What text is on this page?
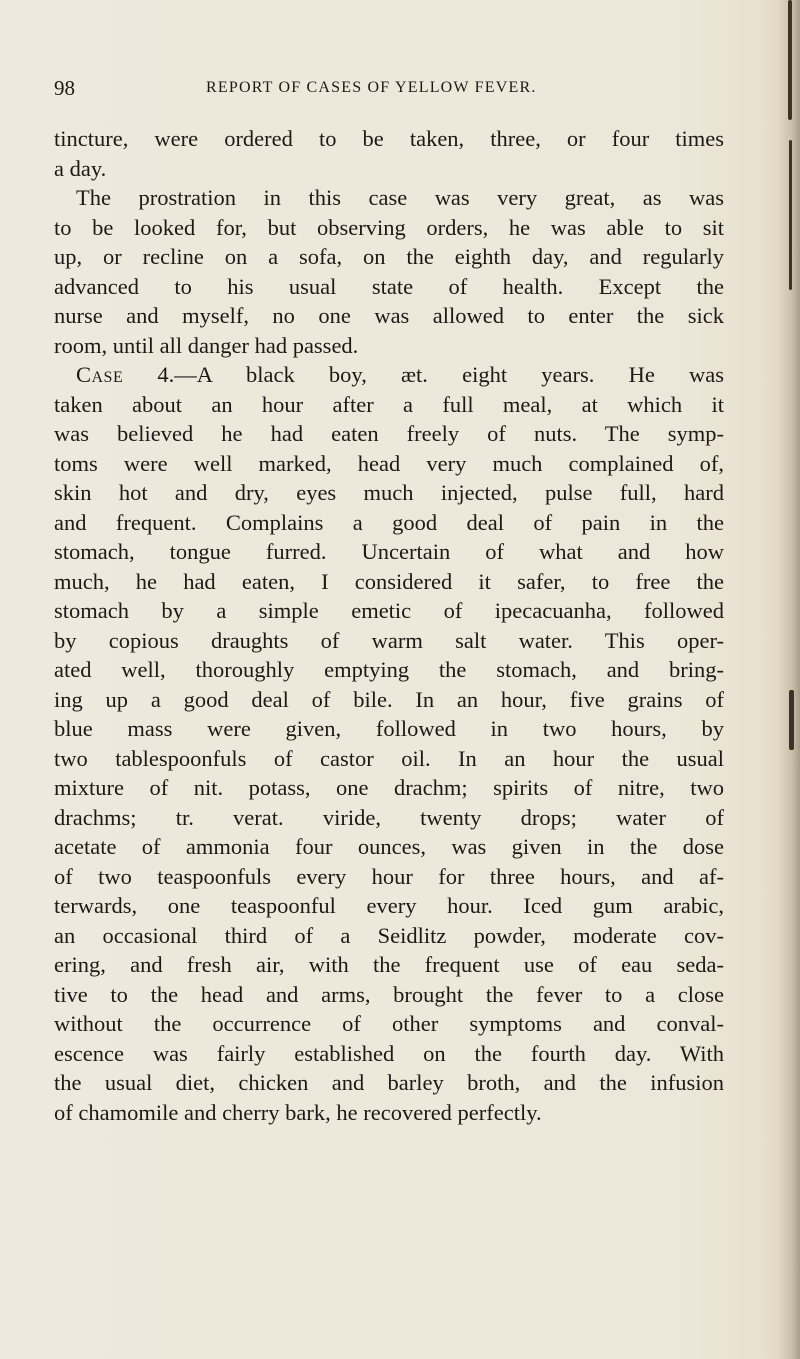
98	REPORT OF CASES OF YELLOW FEVER.
tincture, were ordered to be taken, three, or four times
a day.
The prostration in this case was very great, as was
to be looked for, but observing orders, he was able to sit
up, or recline on a sofa, on the eighth day, and regularly
advanced to his usual state of health. Except the
nurse and myself, no one was allowed to enter the sick
room, until all danger had passed.
Case 4.—A black boy, æt. eight years. He was
taken about an hour after a full meal, at which it
was believed he had eaten freely of nuts. The symp-
toms were well marked, head very much complained of,
skin hot and dry, eyes much injected, pulse full, hard
and frequent. Complains a good deal of pain in the
stomach, tongue furred. Uncertain of what and how
much, he had eaten, I considered it safer, to free the
stomach by a simple emetic of ipecacuanha, followed
by copious draughts of warm salt water. This oper-
ated well, thoroughly emptying the stomach, and bring-
ing up a good deal of bile. In an hour, five grains of
blue mass were given, followed in two hours, by
two tablespoonfuls of castor oil. In an hour the usual
mixture of nit. potass, one drachm; spirits of nitre, two
drachms; tr. verat. viride, twenty drops; water of
acetate of ammonia four ounces, was given in the dose
of two teaspoonfuls every hour for three hours, and af-
terwards, one teaspoonful every hour. Iced gum arabic,
an occasional third of a Seidlitz powder, moderate cov-
ering, and fresh air, with the frequent use of eau seda-
tive to the head and arms, brought the fever to a close
without the occurrence of other symptoms and conval-
escence was fairly established on the fourth day. With
the usual diet, chicken and barley broth, and the infusion
of chamomile and cherry bark, he recovered perfectly.
